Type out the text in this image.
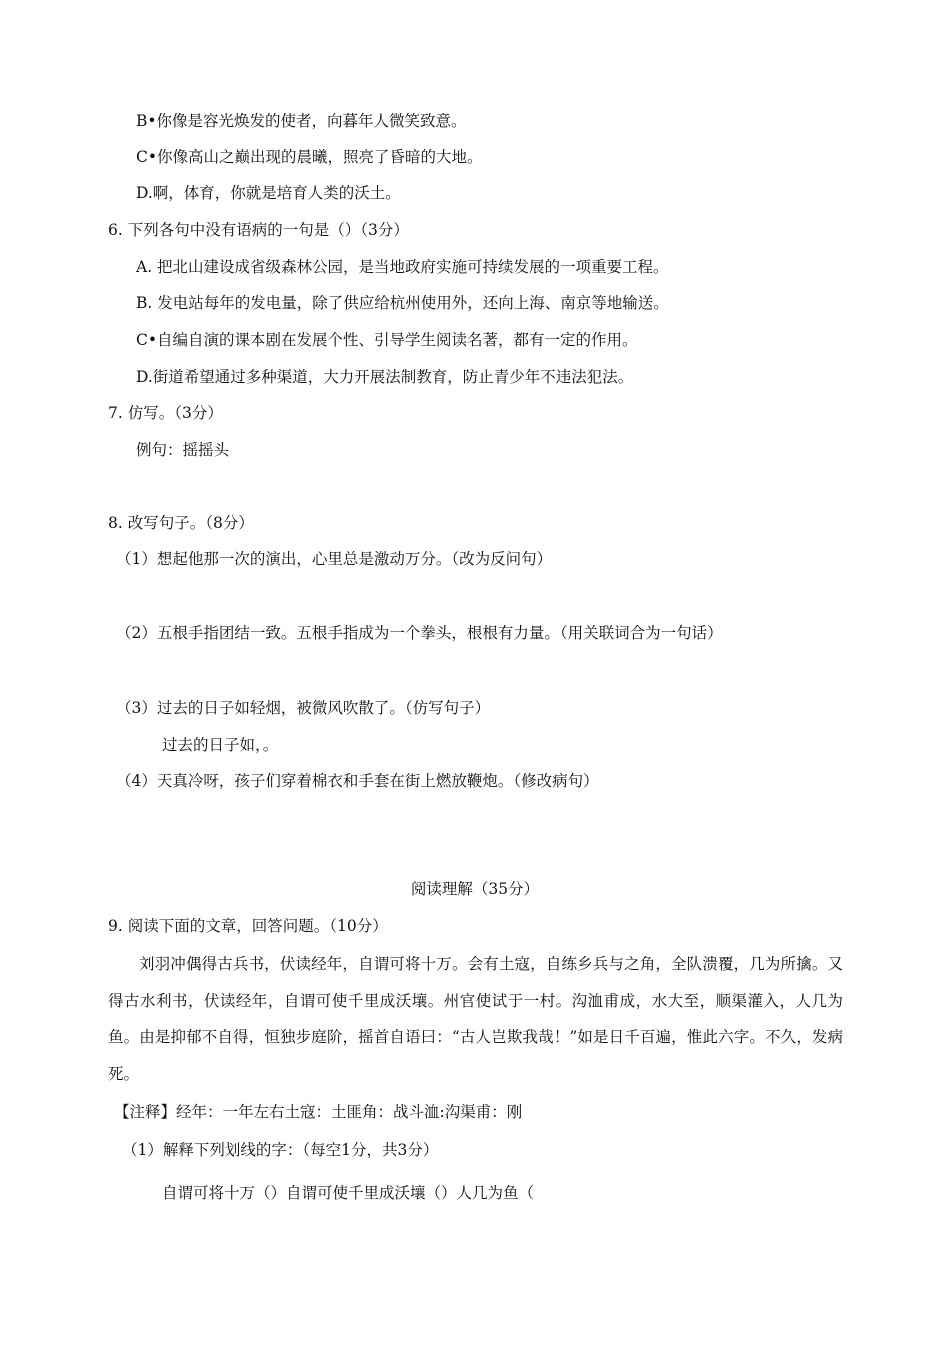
B•你像是容光焕发的使者，向暮年人微笑致意。
C•你像高山之巅出现的晨曦，照亮了昏暗的大地。
D.啊，体育，你就是培育人类的沃土。
6. 下列各句中没有语病的一句是（）（3分）
A. 把北山建设成省级森林公园，是当地政府实施可持续发展的一项重要工程。
B. 发电站每年的发电量，除了供应给杭州使用外，还向上海、南京等地输送。
C•自编自演的课本剧在发展个性、引导学生阅读名著，都有一定的作用。
D.街道希望通过多种渠道，大力开展法制教育，防止青少年不违法犯法。
7. 仿写。（3分）
例句：摇摇头
8. 改写句子。（8分）
（1）想起他那一次的演出，心里总是激动万分。（改为反问句）
（2）五根手指团结一致。五根手指成为一个拳头，根根有力量。（用关联词合为一句话）
（3）过去的日子如轻烟，被微风吹散了。（仿写句子）
过去的日子如，。
（4）天真冷呀，孩子们穿着棉衣和手套在街上燃放鞭炮。（修改病句）
阅读理解（35分）
9. 阅读下面的文章，回答问题。（10分）
刘羽冲偶得古兵书，伏读经年，自谓可将十万。会有土寇，自练乡兵与之角，全队溃覆，几为所擒。又得古水利书，伏读经年，自谓可使千里成沃壤。州官使试于一村。沟洫甫成，水大至，顺渠灌入，人几为鱼。由是抑郁不自得，恒独步庭阶，摇首自语曰：“古人岂欺我哉！”如是日千百遍，惟此六字。不久，发病死。
【注释】经年：一年左右土寇：土匪角：战斗洫:沟渠甫：刚
（1）解释下列划线的字：（每空1分，共3分）
自谓可将十万（）自谓可使千里成沃壤（）人几为鱼（
